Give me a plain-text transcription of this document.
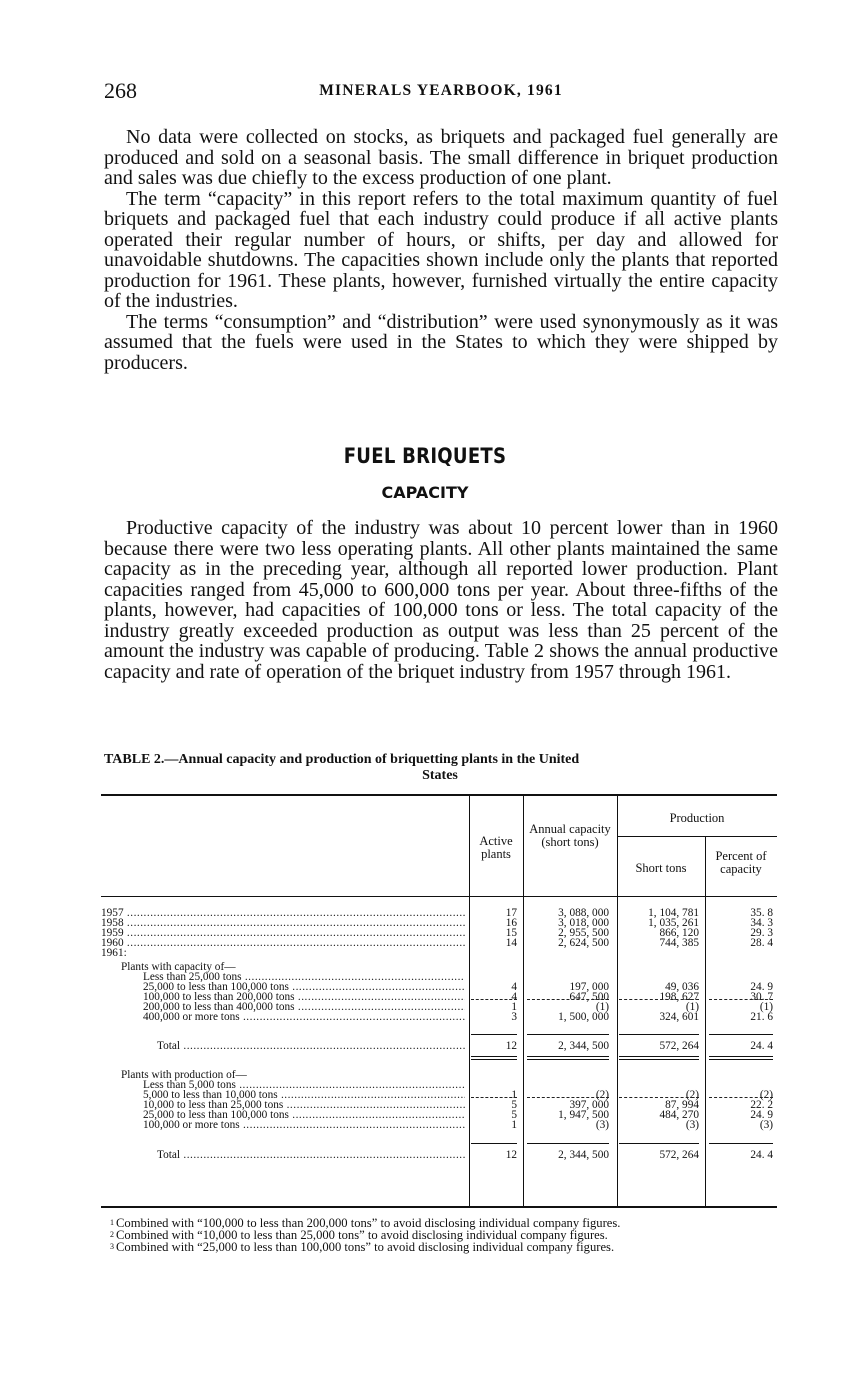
268	MINERALS YEARBOOK, 1961

No data were collected on stocks, as briquets and packaged fuel generally are produced and sold on a seasonal basis. The small difference in briquet production and sales was due chiefly to the excess production of one plant.

The term “capacity” in this report refers to the total maximum quantity of fuel briquets and packaged fuel that each industry could produce if all active plants operated their regular number of hours, or shifts, per day and allowed for unavoidable shutdowns. The capacities shown include only the plants that reported production for 1961. These plants, however, furnished virtually the entire capacity of the industries.

The terms “consumption” and “distribution” were used synonymously as it was assumed that the fuels were used in the States to which they were shipped by producers.

FUEL BRIQUETS
CAPACITY

Productive capacity of the industry was about 10 percent lower than in 1960 because there were two less operating plants. All other plants maintained the same capacity as in the preceding year, although all reported lower production. Plant capacities ranged from 45,000 to 600,000 tons per year. About three-fifths of the plants, however, had capacities of 100,000 tons or less. The total capacity of the industry greatly exceeded production as output was less than 25 percent of the amount the industry was capable of producing. Table 2 shows the annual productive capacity and rate of operation of the briquet industry from 1957 through 1961.

TABLE 2.—Annual capacity and production of briquetting plants in the United
States
Active plants
Annual capacity (short tons)
Production
Short tons
Percent of capacity
1957 .....	17	3, 088, 000	1, 104, 781	35. 8
1958 .....	16	3, 018, 000	1, 035, 261	34. 3
1959 .....	15	2, 955, 500	866, 120	29. 3
1960 .....	14	2, 624, 500	744, 385	28. 4
1961:
Plants with capacity of—
Less than 25,000 tons .....
25,000 to less than 100,000 tons .....	4	197, 000	49, 036	24. 9
100,000 to less than 200,000 tons .....	4	647, 500	198, 627	30. 7
200,000 to less than 400,000 tons .....	1	(1)	(1)	(1)
400,000 or more tons .....	3	1, 500, 000	324, 601	21. 6
Total .....	12	2, 344, 500	572, 264	24. 4
Plants with production of—
Less than 5,000 tons .....
5,000 to less than 10,000 tons .....	1	(2)	(2)	(2)
10,000 to less than 25,000 tons .....	5	397, 000	87, 994	22. 2
25,000 to less than 100,000 tons .....	5	1, 947, 500	484, 270	24. 9
100,000 or more tons .....	1	(3)	(3)	(3)
Total .....	12	2, 344, 500	572, 264	24. 4
$^1$ Combined with “100,000 to less than 200,000 tons” to avoid disclosing individual company figures.
$^2$ Combined with “10,000 to less than 25,000 tons” to avoid disclosing individual company figures.
$^3$ Combined with “25,000 to less than 100,000 tons” to avoid disclosing individual company figures.
